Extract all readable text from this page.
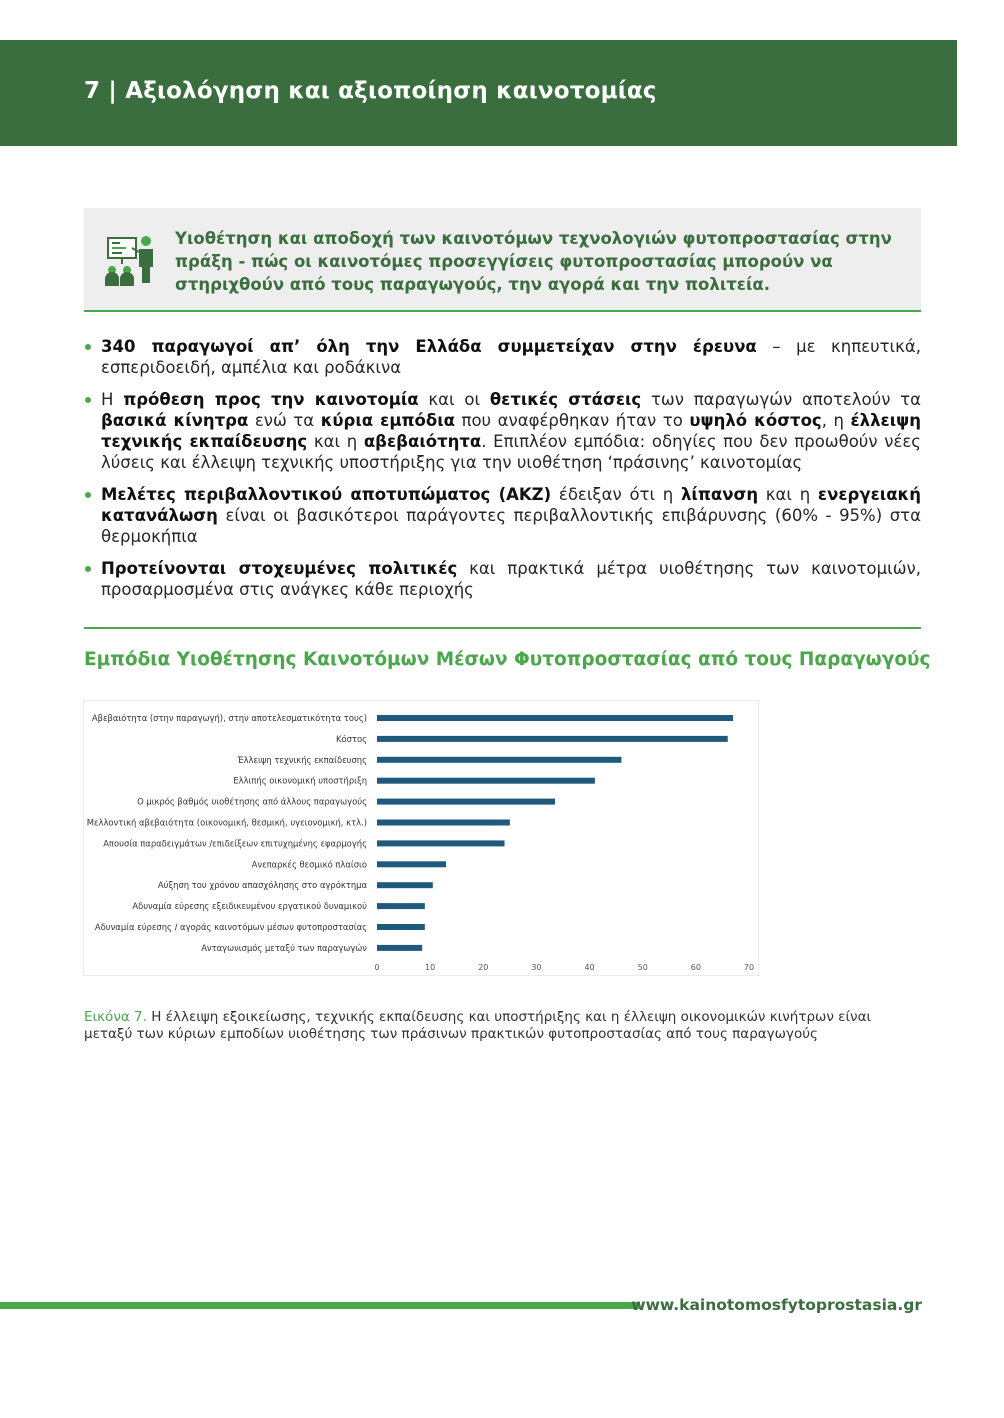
7 | Αξιολόγηση και αξιοποίηση καινοτομίας

Υιοθέτηση και αποδοχή των καινοτόμων τεχνολογιών φυτοπροστασίας στην πράξη - πώς οι καινοτόμες προσεγγίσεις φυτοπροστασίας μπορούν να στηριχθούν από τους παραγωγούς, την αγορά και την πολιτεία.

340 παραγωγοί απ’ όλη την Ελλάδα συμμετείχαν στην έρευνα – με κηπευτικά, εσπεριδοειδή, αμπέλια και ροδάκινα
Η πρόθεση προς την καινοτομία και οι θετικές στάσεις των παραγωγών αποτελούν τα βασικά κίνητρα ενώ τα κύρια εμπόδια που αναφέρθηκαν ήταν το υψηλό κόστος, η έλλειψη τεχνικής εκπαίδευσης και η αβεβαιότητα. Επιπλέον εμπόδια: οδηγίες που δεν προωθούν νέες λύσεις και έλλειψη τεχνικής υποστήριξης για την υιοθέτηση ‘πράσινης’ καινοτομίας
Μελέτες περιβαλλοντικού αποτυπώματος (ΑΚΖ) έδειξαν ότι η λίπανση και η ενεργειακή κατανάλωση είναι οι βασικότεροι παράγοντες περιβαλλοντικής επιβάρυνσης (60% - 95%) στα θερμοκήπια
Προτείνονται στοχευμένες πολιτικές και πρακτικά μέτρα υιοθέτησης των καινοτομιών, προσαρμοσμένα στις ανάγκες κάθε περιοχής
Εμπόδια Υιοθέτησης Καινοτόμων Μέσων Φυτοπροστασίας από τους Παραγωγούς
Αβεβαιότητα (στην παραγωγή), στην αποτελεσματικότητα τους)
Κόστος
Έλλειψη τεχνικής εκπαίδευσης
Ελλιπής οικονομική υποστήριξη
Ο μικρός βαθμός υιοθέτησης από άλλους παραγωγούς
Μελλοντική αβεβαιότητα (οικονομική, θεσμική, υγειονομική, κτλ.)
Απουσία παραδειγμάτων /επιδείξεων επιτυχημένης εφαρμογής
Ανεπαρκές θεσμικό πλαίσιο
Αύξηση του χρόνου απασχόλησης στο αγρόκτημα
Αδυναμία εύρεσης εξειδικευμένου εργατικού δυναμικού
Αδυναμία εύρεσης / αγοράς καινοτόμων μέσων φυτοπροστασίας
Ανταγωνισμός μεταξύ των παραγωγών
0	10	20	30	40	50	60	70

Εικόνα 7. Η έλλειψη εξοικείωσης, τεχνικής εκπαίδευσης και υποστήριξης και η έλλειψη οικονομικών κινήτρων είναι μεταξύ των κύριων εμποδίων υιοθέτησης των πράσινων πρακτικών φυτοπροστασίας από τους παραγωγούς

www.kainotomosfytoprostasia.gr
